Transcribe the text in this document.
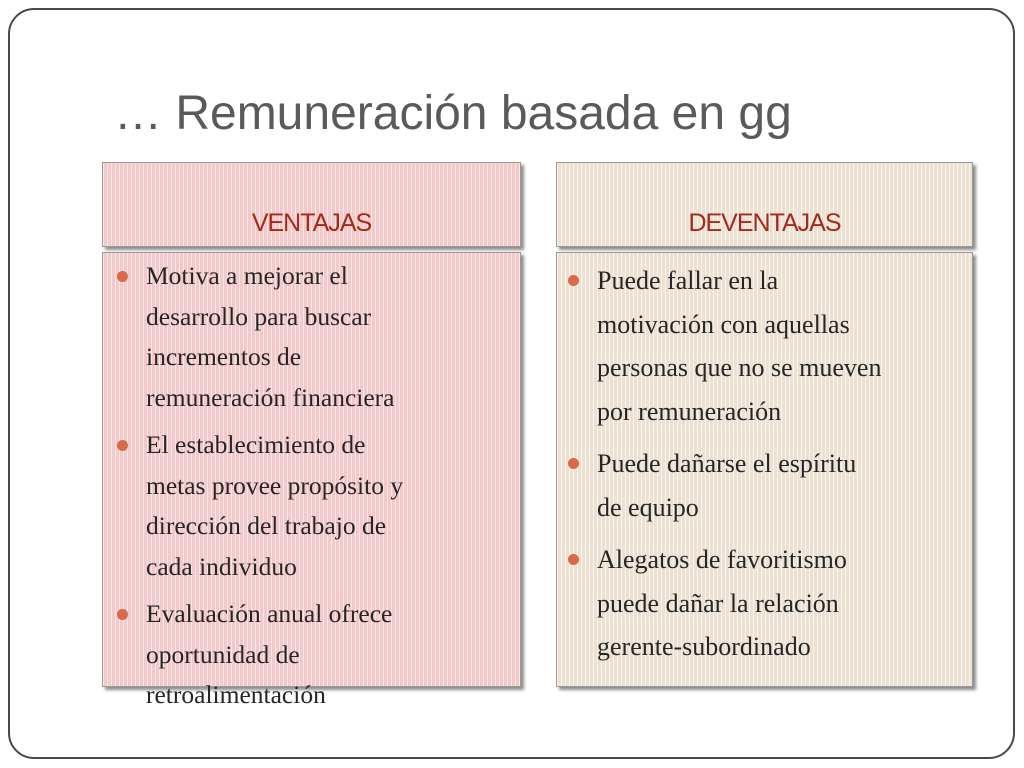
… Remuneración basada en gg
VENTAJAS	DEVENTAJAS
Motiva a mejorar el
desarrollo para buscar
incrementos de
remuneración financiera
El establecimiento de
metas provee propósito y
dirección del trabajo de
cada individuo
Evaluación anual ofrece
oportunidad de
retroalimentación
Puede fallar en la
motivación con aquellas
personas que no se mueven
por remuneración
Puede dañarse el espíritu
de equipo
Alegatos de favoritismo
puede dañar la relación
gerente-subordinado
